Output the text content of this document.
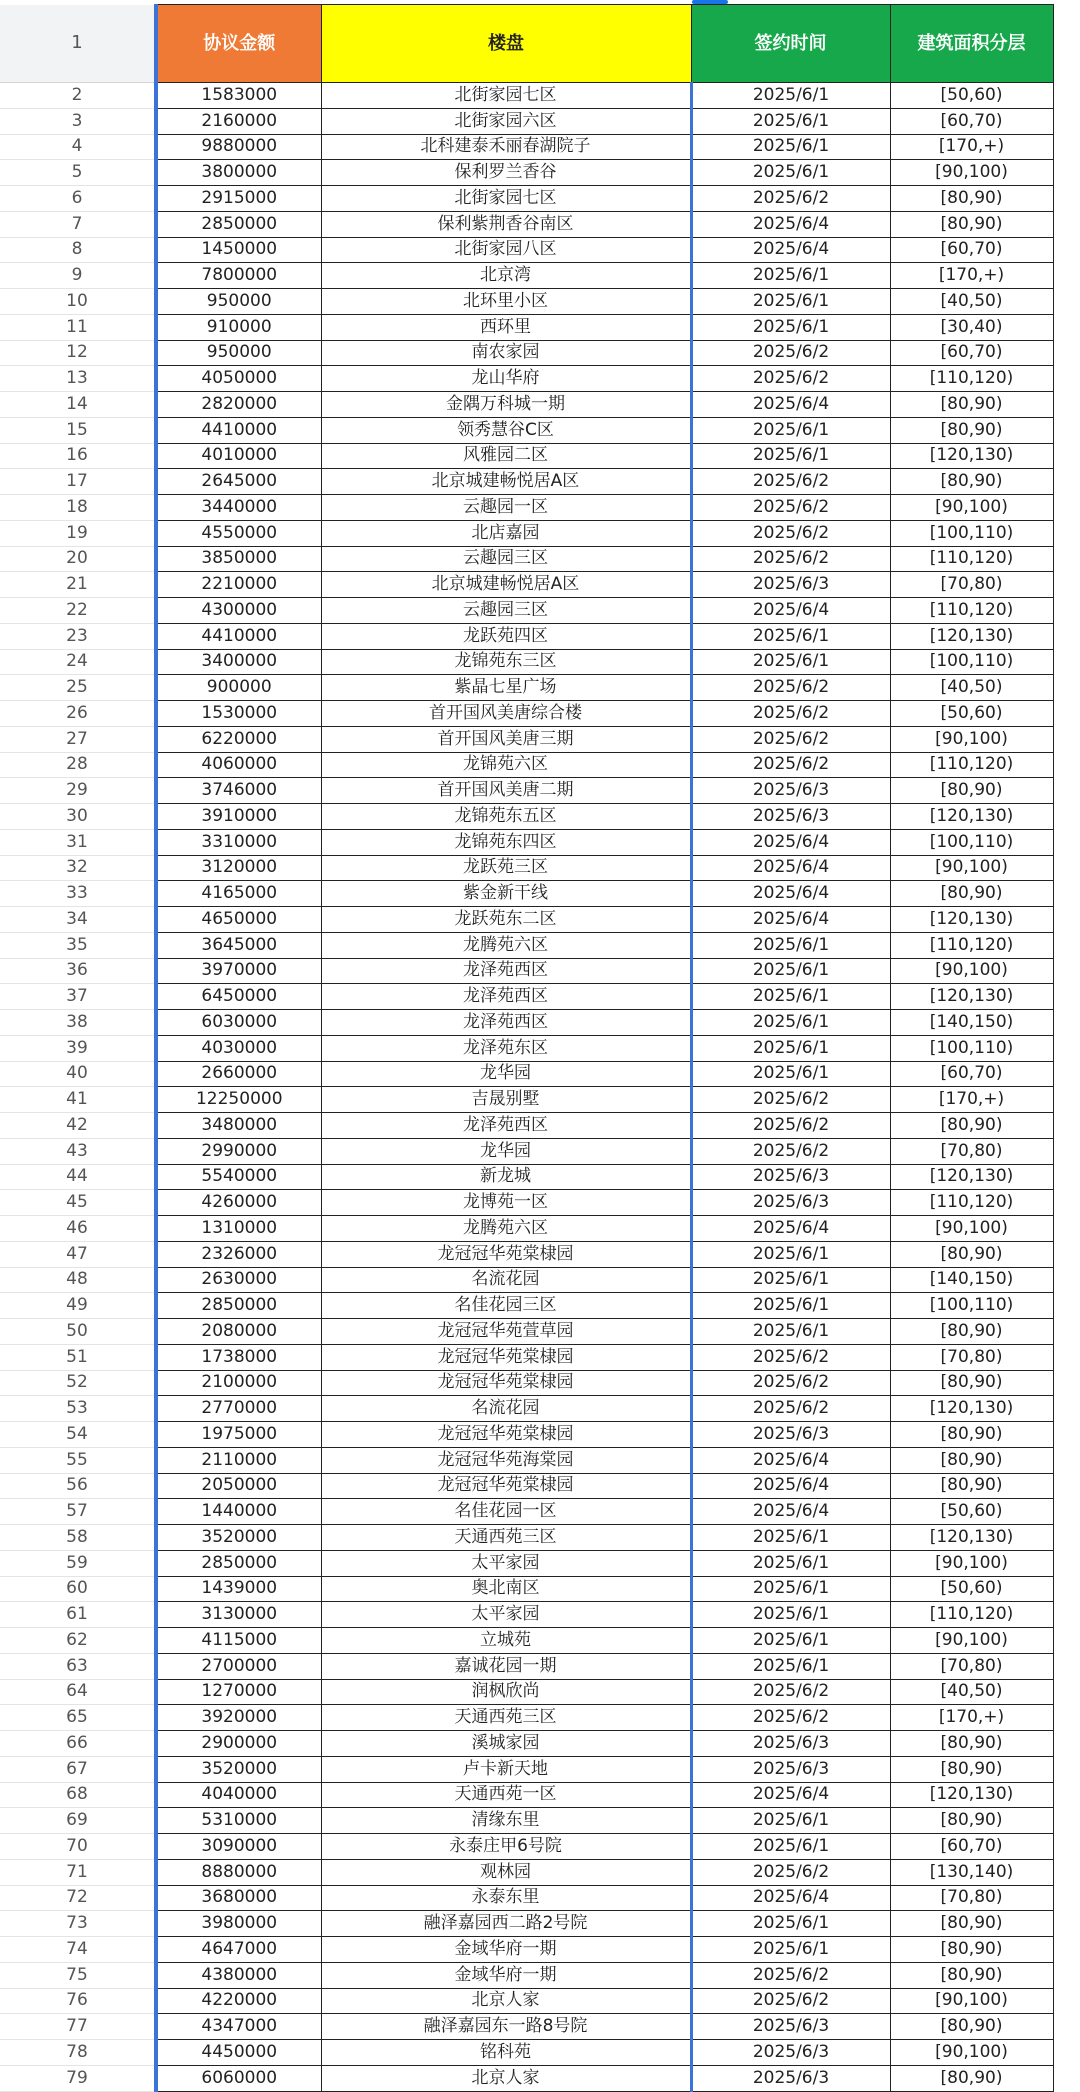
1	协议金额	楼盘	签约时间	建筑面积分层
2	1583000	北街家园七区	2025/6/1	[50,60)
3	2160000	北街家园六区	2025/6/1	[60,70)
4	9880000	北科建泰禾丽春湖院子	2025/6/1	[170,+)
5	3800000	保利罗兰香谷	2025/6/1	[90,100)
6	2915000	北街家园七区	2025/6/2	[80,90)
7	2850000	保利紫荆香谷南区	2025/6/4	[80,90)
8	1450000	北街家园八区	2025/6/4	[60,70)
9	7800000	北京湾	2025/6/1	[170,+)
10	950000	北环里小区	2025/6/1	[40,50)
11	910000	西环里	2025/6/1	[30,40)
12	950000	南农家园	2025/6/2	[60,70)
13	4050000	龙山华府	2025/6/2	[110,120)
14	2820000	金隅万科城一期	2025/6/4	[80,90)
15	4410000	领秀慧谷C区	2025/6/1	[80,90)
16	4010000	风雅园二区	2025/6/1	[120,130)
17	2645000	北京城建畅悦居A区	2025/6/2	[80,90)
18	3440000	云趣园一区	2025/6/2	[90,100)
19	4550000	北店嘉园	2025/6/2	[100,110)
20	3850000	云趣园三区	2025/6/2	[110,120)
21	2210000	北京城建畅悦居A区	2025/6/3	[70,80)
22	4300000	云趣园三区	2025/6/4	[110,120)
23	4410000	龙跃苑四区	2025/6/1	[120,130)
24	3400000	龙锦苑东三区	2025/6/1	[100,110)
25	900000	紫晶七星广场	2025/6/2	[40,50)
26	1530000	首开国风美唐综合楼	2025/6/2	[50,60)
27	6220000	首开国风美唐三期	2025/6/2	[90,100)
28	4060000	龙锦苑六区	2025/6/2	[110,120)
29	3746000	首开国风美唐二期	2025/6/3	[80,90)
30	3910000	龙锦苑东五区	2025/6/3	[120,130)
31	3310000	龙锦苑东四区	2025/6/4	[100,110)
32	3120000	龙跃苑三区	2025/6/4	[90,100)
33	4165000	紫金新干线	2025/6/4	[80,90)
34	4650000	龙跃苑东二区	2025/6/4	[120,130)
35	3645000	龙腾苑六区	2025/6/1	[110,120)
36	3970000	龙泽苑西区	2025/6/1	[90,100)
37	6450000	龙泽苑西区	2025/6/1	[120,130)
38	6030000	龙泽苑西区	2025/6/1	[140,150)
39	4030000	龙泽苑东区	2025/6/1	[100,110)
40	2660000	龙华园	2025/6/1	[60,70)
41	12250000	吉晟别墅	2025/6/2	[170,+)
42	3480000	龙泽苑西区	2025/6/2	[80,90)
43	2990000	龙华园	2025/6/2	[70,80)
44	5540000	新龙城	2025/6/3	[120,130)
45	4260000	龙博苑一区	2025/6/3	[110,120)
46	1310000	龙腾苑六区	2025/6/4	[90,100)
47	2326000	龙冠冠华苑棠棣园	2025/6/1	[80,90)
48	2630000	名流花园	2025/6/1	[140,150)
49	2850000	名佳花园三区	2025/6/1	[100,110)
50	2080000	龙冠冠华苑萱草园	2025/6/1	[80,90)
51	1738000	龙冠冠华苑棠棣园	2025/6/2	[70,80)
52	2100000	龙冠冠华苑棠棣园	2025/6/2	[80,90)
53	2770000	名流花园	2025/6/2	[120,130)
54	1975000	龙冠冠华苑棠棣园	2025/6/3	[80,90)
55	2110000	龙冠冠华苑海棠园	2025/6/4	[80,90)
56	2050000	龙冠冠华苑棠棣园	2025/6/4	[80,90)
57	1440000	名佳花园一区	2025/6/4	[50,60)
58	3520000	天通西苑三区	2025/6/1	[120,130)
59	2850000	太平家园	2025/6/1	[90,100)
60	1439000	奥北南区	2025/6/1	[50,60)
61	3130000	太平家园	2025/6/1	[110,120)
62	4115000	立城苑	2025/6/1	[90,100)
63	2700000	嘉诚花园一期	2025/6/1	[70,80)
64	1270000	润枫欣尚	2025/6/2	[40,50)
65	3920000	天通西苑三区	2025/6/2	[170,+)
66	2900000	溪城家园	2025/6/3	[80,90)
67	3520000	卢卡新天地	2025/6/3	[80,90)
68	4040000	天通西苑一区	2025/6/4	[120,130)
69	5310000	清缘东里	2025/6/1	[80,90)
70	3090000	永泰庄甲6号院	2025/6/1	[60,70)
71	8880000	观林园	2025/6/2	[130,140)
72	3680000	永泰东里	2025/6/4	[70,80)
73	3980000	融泽嘉园西二路2号院	2025/6/1	[80,90)
74	4647000	金域华府一期	2025/6/1	[80,90)
75	4380000	金域华府一期	2025/6/2	[80,90)
76	4220000	北京人家	2025/6/2	[90,100)
77	4347000	融泽嘉园东一路8号院	2025/6/3	[80,90)
78	4450000	铭科苑	2025/6/3	[90,100)
79	6060000	北京人家	2025/6/3	[80,90)
